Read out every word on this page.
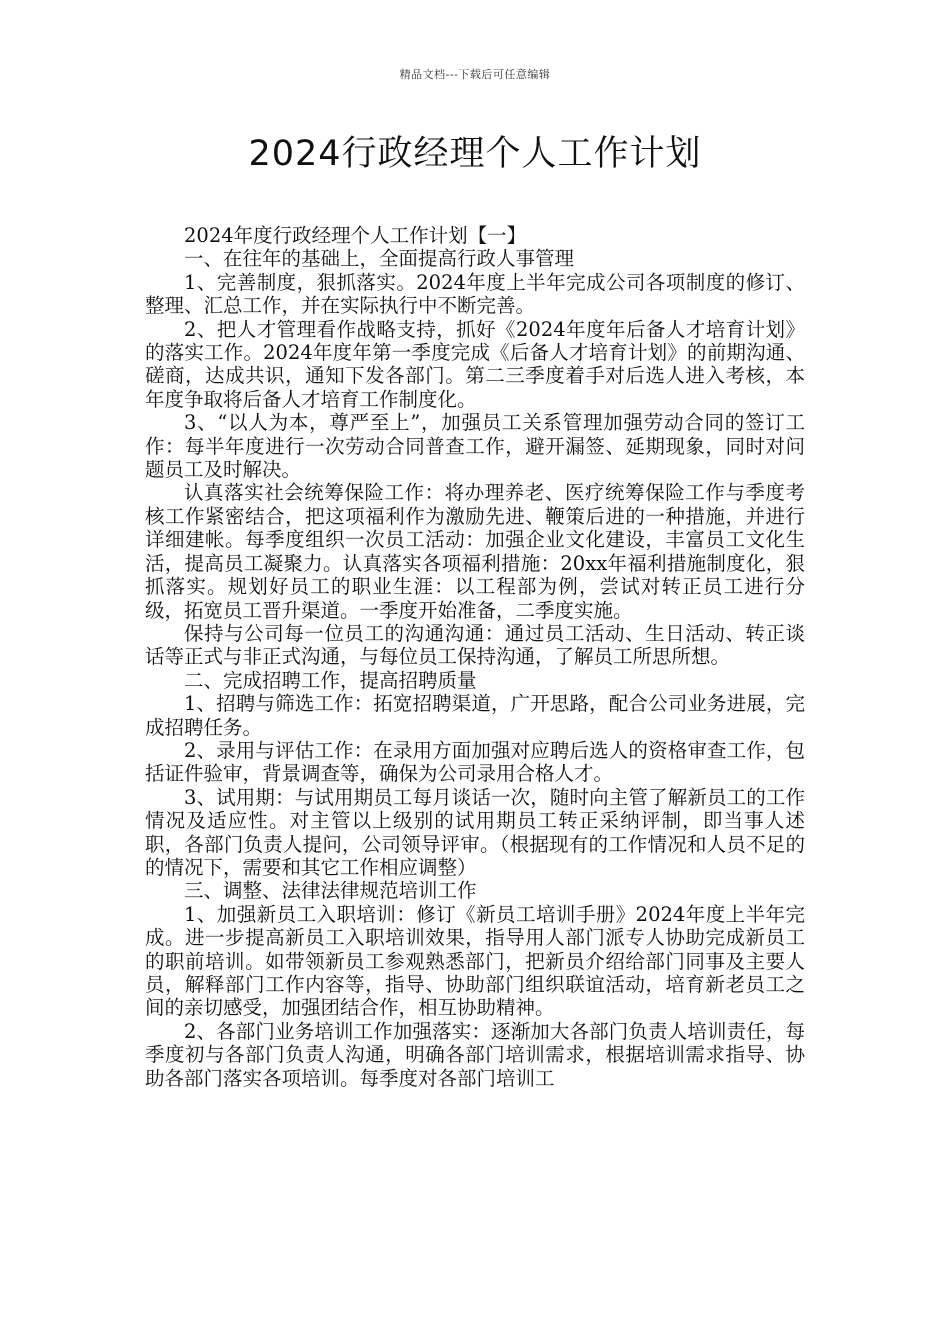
精品文档---下载后可任意编辑
2024行政经理个人工作计划

2024年度行政经理个人工作计划【一】

一、在往年的基础上，全面提高行政人事管理

1、完善制度，狠抓落实。2024年度上半年完成公司各项制度的修订、整理、汇总工作，并在实际执行中不断完善。

2、把人才管理看作战略支持，抓好《2024年度年后备人才培育计划》的落实工作。2024年度年第一季度完成《后备人才培育计划》的前期沟通、磋商，达成共识，通知下发各部门。第二三季度着手对后选人进入考核，本年度争取将后备人才培育工作制度化。

3、“以人为本，尊严至上”，加强员工关系管理加强劳动合同的签订工作：每半年度进行一次劳动合同普查工作，避开漏签、延期现象，同时对问题员工及时解决。

认真落实社会统筹保险工作：将办理养老、医疗统筹保险工作与季度考核工作紧密结合，把这项福利作为激励先进、鞭策后进的一种措施，并进行详细建帐。每季度组织一次员工活动：加强企业文化建设，丰富员工文化生活，提高员工凝聚力。认真落实各项福利措施：20xx年福利措施制度化，狠抓落实。规划好员工的职业生涯：以工程部为例，尝试对转正员工进行分级，拓宽员工晋升渠道。一季度开始准备，二季度实施。

保持与公司每一位员工的沟通沟通：通过员工活动、生日活动、转正谈话等正式与非正式沟通，与每位员工保持沟通，了解员工所思所想。

二、完成招聘工作，提高招聘质量

1、招聘与筛选工作：拓宽招聘渠道，广开思路，配合公司业务进展，完成招聘任务。

2、录用与评估工作：在录用方面加强对应聘后选人的资格审查工作，包括证件验审，背景调查等，确保为公司录用合格人才。

3、试用期：与试用期员工每月谈话一次，随时向主管了解新员工的工作情况及适应性。对主管以上级别的试用期员工转正采纳评制，即当事人述职，各部门负责人提问，公司领导评审。（根据现有的工作情况和人员不足的的情况下，需要和其它工作相应调整）

三、调整、法律法律规范培训工作

1、加强新员工入职培训：修订《新员工培训手册》2024年度上半年完成。进一步提高新员工入职培训效果，指导用人部门派专人协助完成新员工的职前培训。如带领新员工参观熟悉部门，把新员介绍给部门同事及主要人员，解释部门工作内容等，指导、协助部门组织联谊活动，培育新老员工之间的亲切感受，加强团结合作，相互协助精神。

2、各部门业务培训工作加强落实：逐渐加大各部门负责人培训责任，每季度初与各部门负责人沟通，明确各部门培训需求，根据培训需求指导、协助各部门落实各项培训。每季度对各部门培训工
